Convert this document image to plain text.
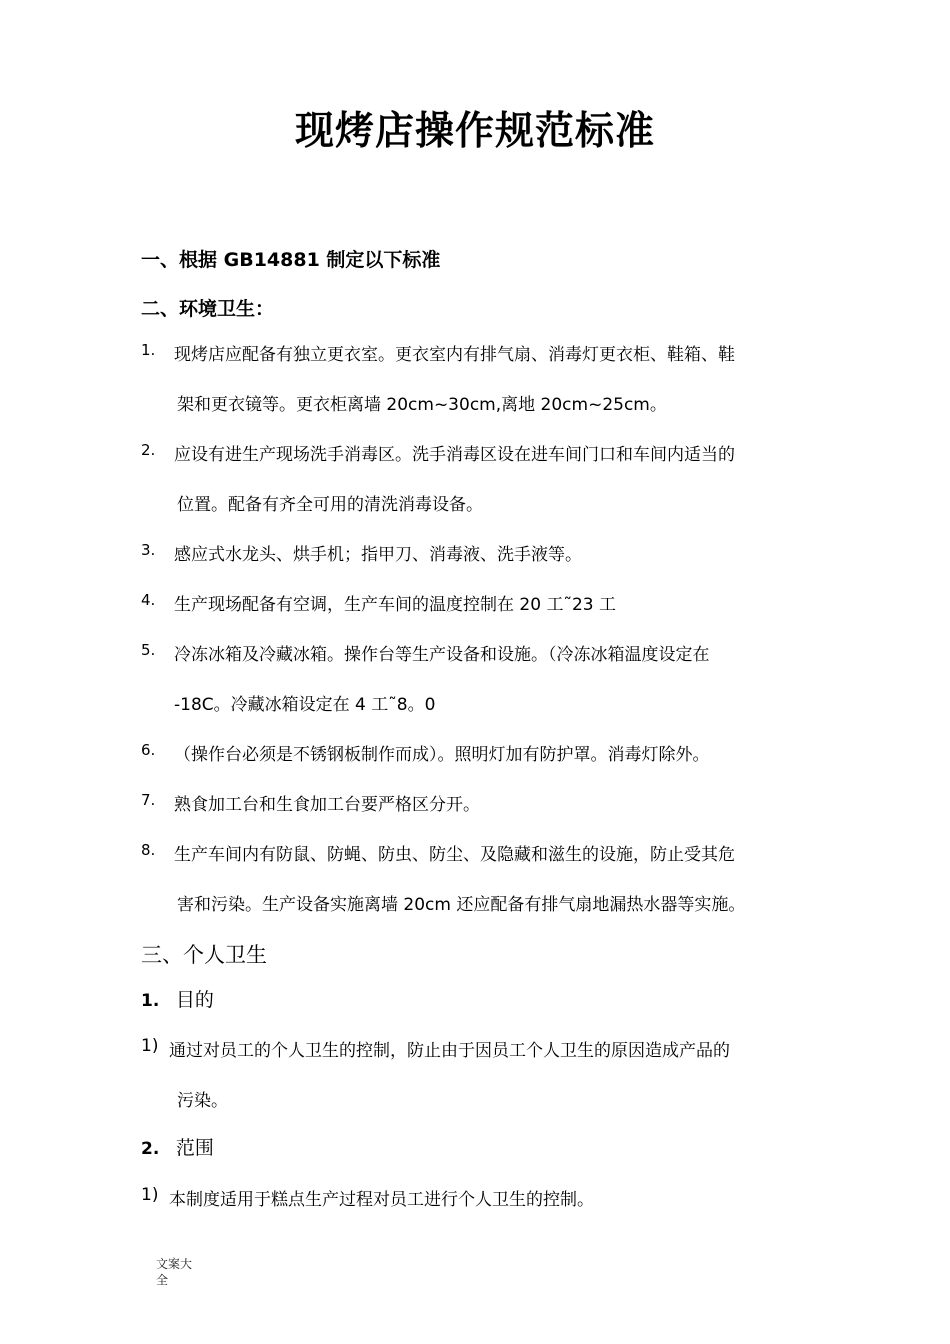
现烤店操作规范标准
一、根据 GB14881 制定以下标准
二、环境卫生：
1. 现烤店应配备有独立更衣室。更衣室内有排气扇、消毒灯更衣柜、鞋箱、鞋
架和更衣镜等。更衣柜离墙 20cm~30cm,离地 20cm~25cm。
2. 应设有进生产现场洗手消毒区。洗手消毒区设在进车间门口和车间内适当的
位置。配备有齐全可用的清洗消毒设备。
3. 感应式水龙头、烘手机；指甲刀、消毒液、洗手液等。
4. 生产现场配备有空调，生产车间的温度控制在 20 工˜23 工
5. 冷冻冰箱及冷藏冰箱。操作台等生产设备和设施。（冷冻冰箱温度设定在
-18C。冷藏冰箱设定在 4 工˜8。0
6. （操作台必须是不锈钢板制作而成）。照明灯加有防护罩。消毒灯除外。
7. 熟食加工台和生食加工台要严格区分开。
8. 生产车间内有防鼠、防蝇、防虫、防尘、及隐藏和滋生的设施，防止受其危
害和污染。生产设备实施离墙 20cm 还应配备有排气扇地漏热水器等实施。
三、个人卫生
1. 目的
1) 通过对员工的个人卫生的控制，防止由于因员工个人卫生的原因造成产品的
污染。
2. 范围
1) 本制度适用于糕点生产过程对员工进行个人卫生的控制。
文案大全
